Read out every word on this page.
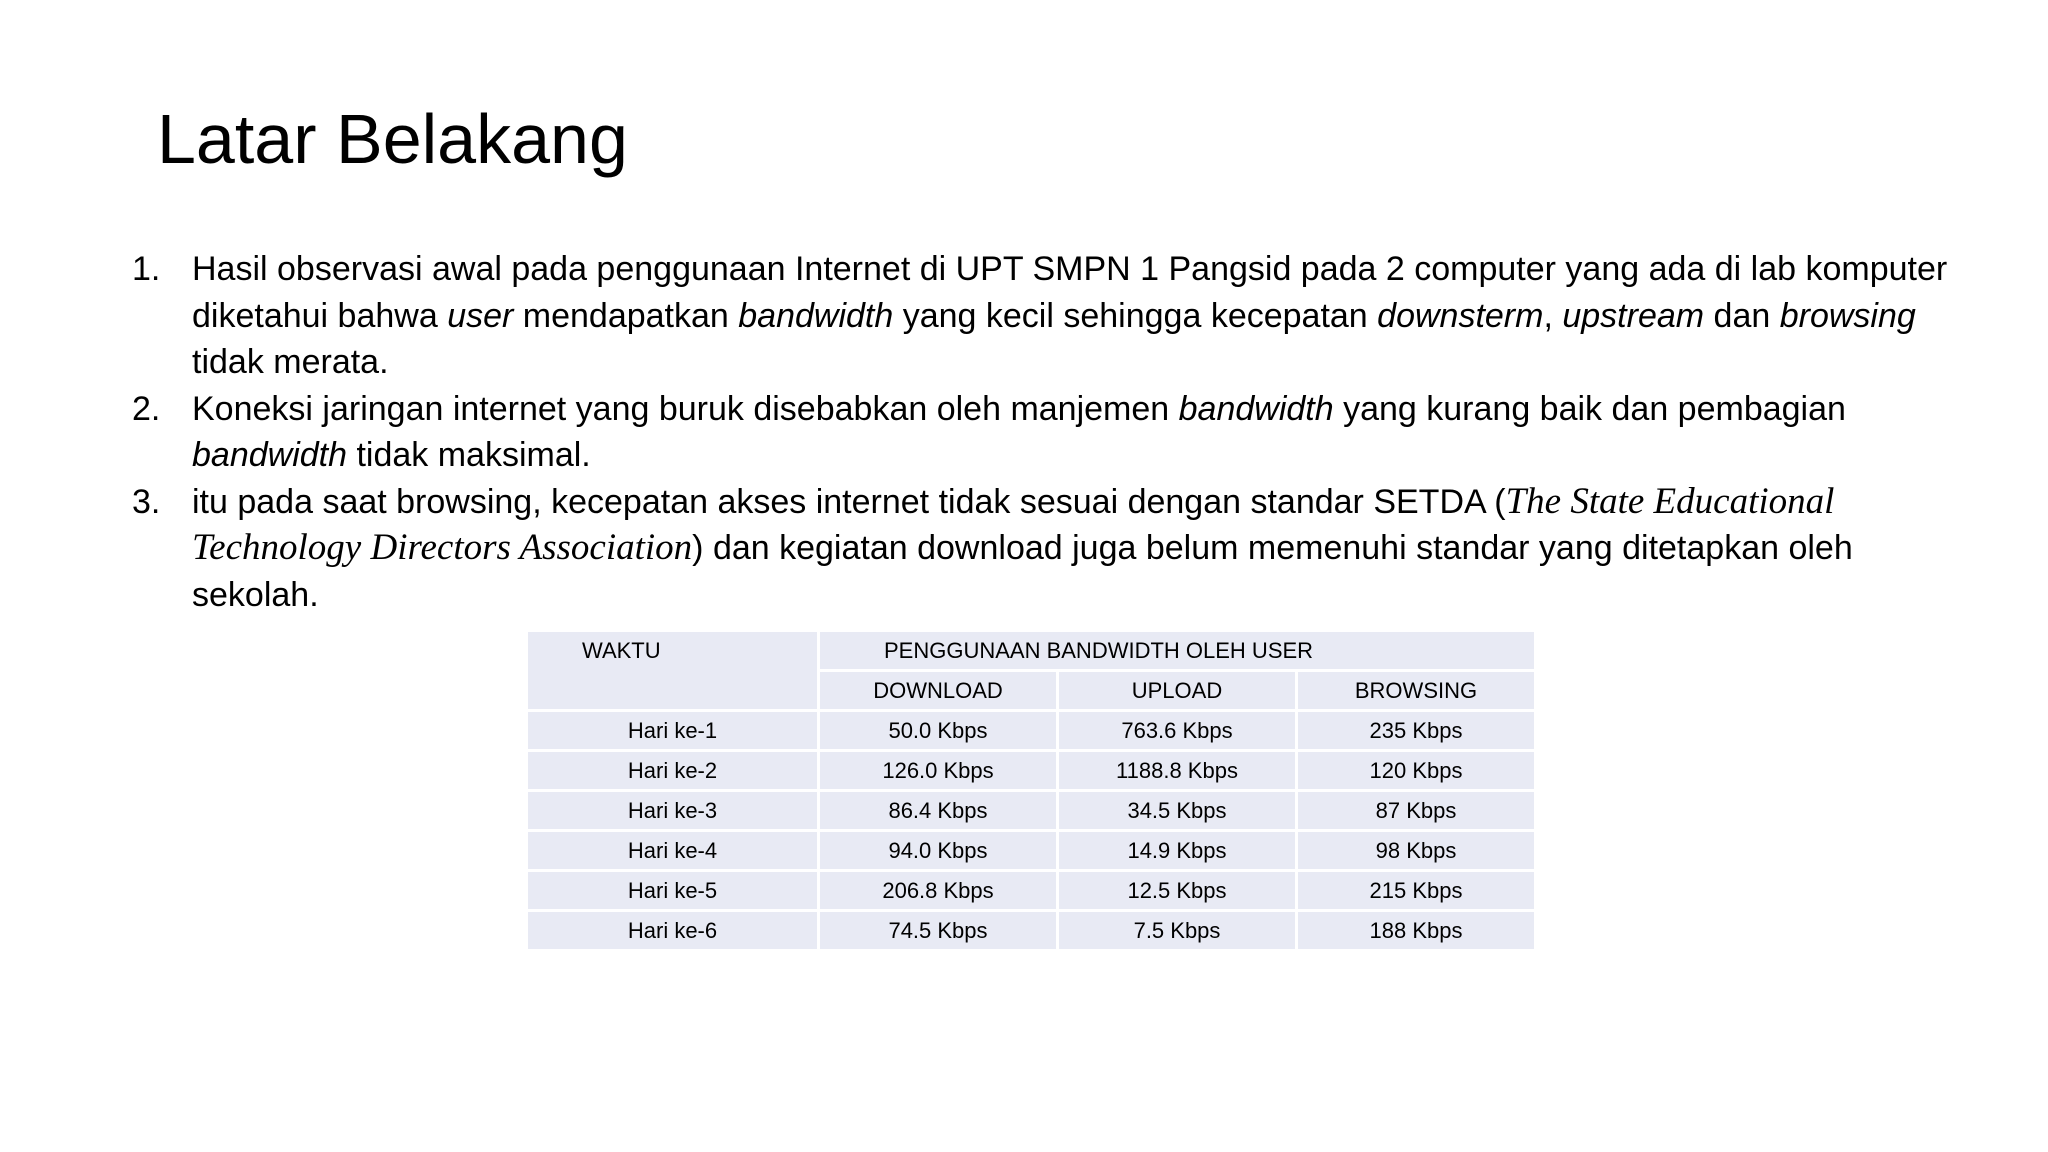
Latar Belakang
1. Hasil observasi awal pada penggunaan Internet di UPT SMPN 1 Pangsid pada 2 computer yang ada di lab komputer diketahui bahwa user mendapatkan bandwidth yang kecil sehingga kecepatan downsterm, upstream dan browsing tidak merata.
2. Koneksi jaringan internet yang buruk disebabkan oleh manjemen bandwidth yang kurang baik dan pembagian bandwidth tidak maksimal.
3. itu pada saat browsing, kecepatan akses internet tidak sesuai dengan standar SETDA (The State Educational Technology Directors Association) dan kegiatan download juga belum memenuhi standar yang ditetapkan oleh sekolah.
WAKTU	PENGGUNAAN BANDWIDTH OLEH USER		
	DOWNLOAD	UPLOAD	BROWSING
Hari ke-1	50.0 Kbps	763.6 Kbps	235 Kbps
Hari ke-2	126.0 Kbps	1188.8 Kbps	120 Kbps
Hari ke-3	86.4 Kbps	34.5 Kbps	87 Kbps
Hari ke-4	94.0 Kbps	14.9 Kbps	98 Kbps
Hari ke-5	206.8 Kbps	12.5 Kbps	215 Kbps
Hari ke-6	74.5 Kbps	7.5 Kbps	188 Kbps
